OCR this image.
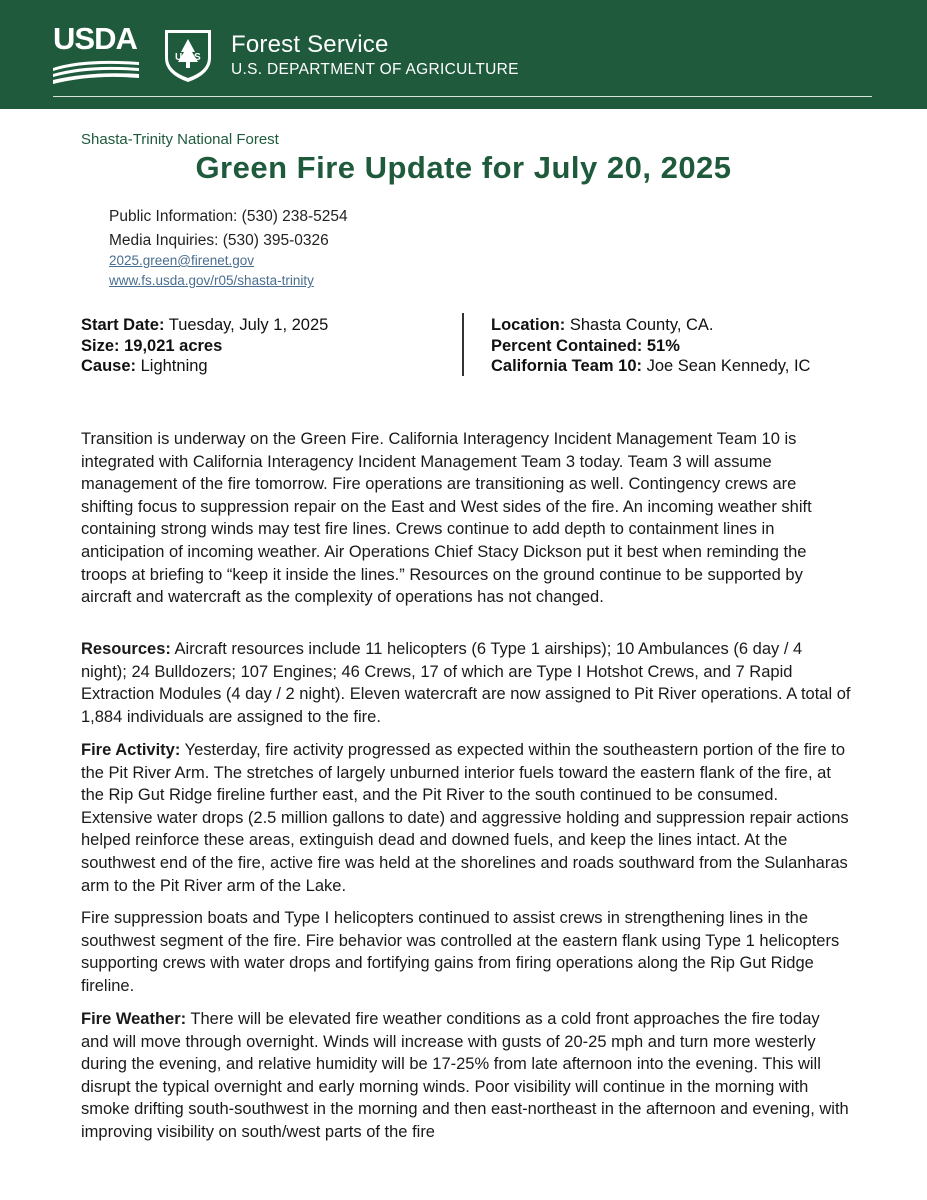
USDA
U S Forest Service
U.S. DEPARTMENT OF AGRICULTURE
Shasta-Trinity National Forest
Green Fire Update for July 20, 2025
Public Information: (530) 238-5254
Media Inquiries: (530) 395-0326
2025.green@firenet.gov
www.fs.usda.gov/r05/shasta-trinity
Start Date: Tuesday, July 1, 2025
Size: 19,021 acres
Cause: Lightning
Location: Shasta County, CA.
Percent Contained: 51%
California Team 10: Joe Sean Kennedy, IC

Transition is underway on the Green Fire. California Interagency Incident Management Team 10 is integrated with California Interagency Incident Management Team 3 today. Team 3 will assume management of the fire tomorrow. Fire operations are transitioning as well. Contingency crews are shifting focus to suppression repair on the East and West sides of the fire. An incoming weather shift containing strong winds may test fire lines. Crews continue to add depth to containment lines in anticipation of incoming weather. Air Operations Chief Stacy Dickson put it best when reminding the troops at briefing to “keep it inside the lines.” Resources on the ground continue to be supported by aircraft and watercraft as the complexity of operations has not changed.

Resources: Aircraft resources include 11 helicopters (6 Type 1 airships); 10 Ambulances (6 day / 4 night); 24 Bulldozers; 107 Engines; 46 Crews, 17 of which are Type I Hotshot Crews, and 7 Rapid Extraction Modules (4 day / 2 night). Eleven watercraft are now assigned to Pit River operations. A total of 1,884 individuals are assigned to the fire.

Fire Activity: Yesterday, fire activity progressed as expected within the southeastern portion of the fire to the Pit River Arm. The stretches of largely unburned interior fuels toward the eastern flank of the fire, at the Rip Gut Ridge fireline further east, and the Pit River to the south continued to be consumed. Extensive water drops (2.5 million gallons to date) and aggressive holding and suppression repair actions helped reinforce these areas, extinguish dead and downed fuels, and keep the lines intact. At the southwest end of the fire, active fire was held at the shorelines and roads southward from the Sulanharas arm to the Pit River arm of the Lake.

Fire suppression boats and Type I helicopters continued to assist crews in strengthening lines in the southwest segment of the fire. Fire behavior was controlled at the eastern flank using Type 1 helicopters supporting crews with water drops and fortifying gains from firing operations along the Rip Gut Ridge fireline.

Fire Weather: There will be elevated fire weather conditions as a cold front approaches the fire today and will move through overnight. Winds will increase with gusts of 20-25 mph and turn more westerly during the evening, and relative humidity will be 17-25% from late afternoon into the evening. This will disrupt the typical overnight and early morning winds. Poor visibility will continue in the morning with smoke drifting south-southwest in the morning and then east-northeast in the afternoon and evening, with improving visibility on south/west parts of the fire
